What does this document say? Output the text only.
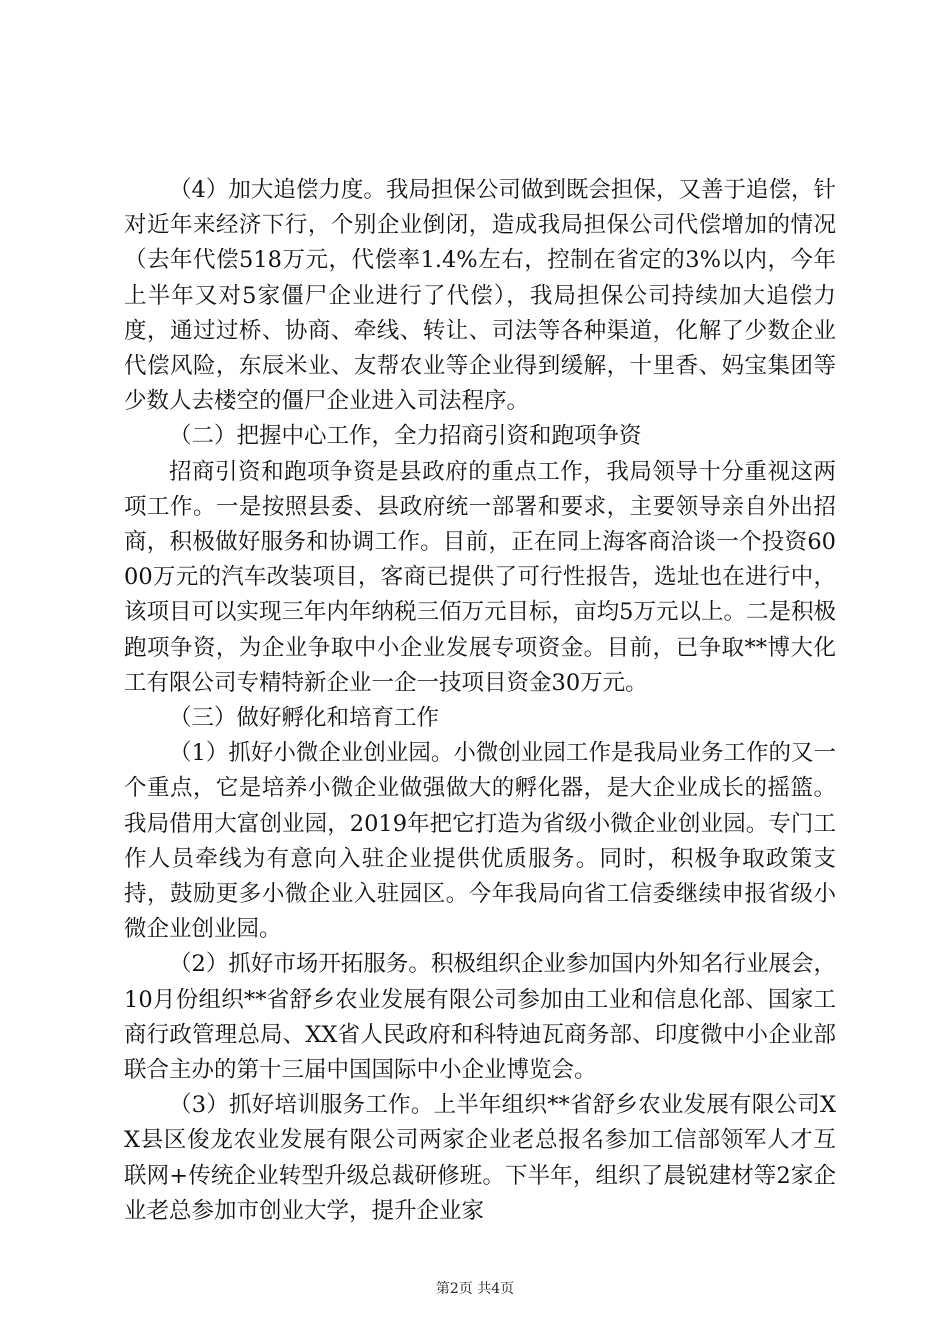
（4）加大追偿力度。我局担保公司做到既会担保，又善于追偿，针对近年来经济下行，个别企业倒闭，造成我局担保公司代偿增加的情况（去年代偿518万元，代偿率1.4%左右，控制在省定的3%以内，今年上半年又对5家僵尸企业进行了代偿），我局担保公司持续加大追偿力度，通过过桥、协商、牵线、转让、司法等各种渠道，化解了少数企业代偿风险，东辰米业、友帮农业等企业得到缓解，十里香、妈宝集团等少数人去楼空的僵尸企业进入司法程序。

（二）把握中心工作，全力招商引资和跑项争资

招商引资和跑项争资是县政府的重点工作，我局领导十分重视这两项工作。一是按照县委、县政府统一部署和要求，主要领导亲自外出招商，积极做好服务和协调工作。目前，正在同上海客商洽谈一个投资6000万元的汽车改装项目，客商已提供了可行性报告，选址也在进行中，该项目可以实现三年内年纳税三佰万元目标，亩均5万元以上。二是积极跑项争资，为企业争取中小企业发展专项资金。目前，已争取**博大化工有限公司专精特新企业一企一技项目资金30万元。

（三）做好孵化和培育工作

（1）抓好小微企业创业园。小微创业园工作是我局业务工作的又一个重点，它是培养小微企业做强做大的孵化器，是大企业成长的摇篮。我局借用大富创业园，2019年把它打造为省级小微企业创业园。专门工作人员牵线为有意向入驻企业提供优质服务。同时，积极争取政策支持，鼓励更多小微企业入驻园区。今年我局向省工信委继续申报省级小微企业创业园。

（2）抓好市场开拓服务。积极组织企业参加国内外知名行业展会，10月份组织**省舒乡农业发展有限公司参加由工业和信息化部、国家工商行政管理总局、XX省人民政府和科特迪瓦商务部、印度微中小企业部联合主办的第十三届中国国际中小企业博览会。

（3）抓好培训服务工作。上半年组织**省舒乡农业发展有限公司XX县区俊龙农业发展有限公司两家企业老总报名参加工信部领军人才互联网+传统企业转型升级总裁研修班。下半年，组织了晨锐建材等2家企业老总参加市创业大学，提升企业家

第2页 共4页
